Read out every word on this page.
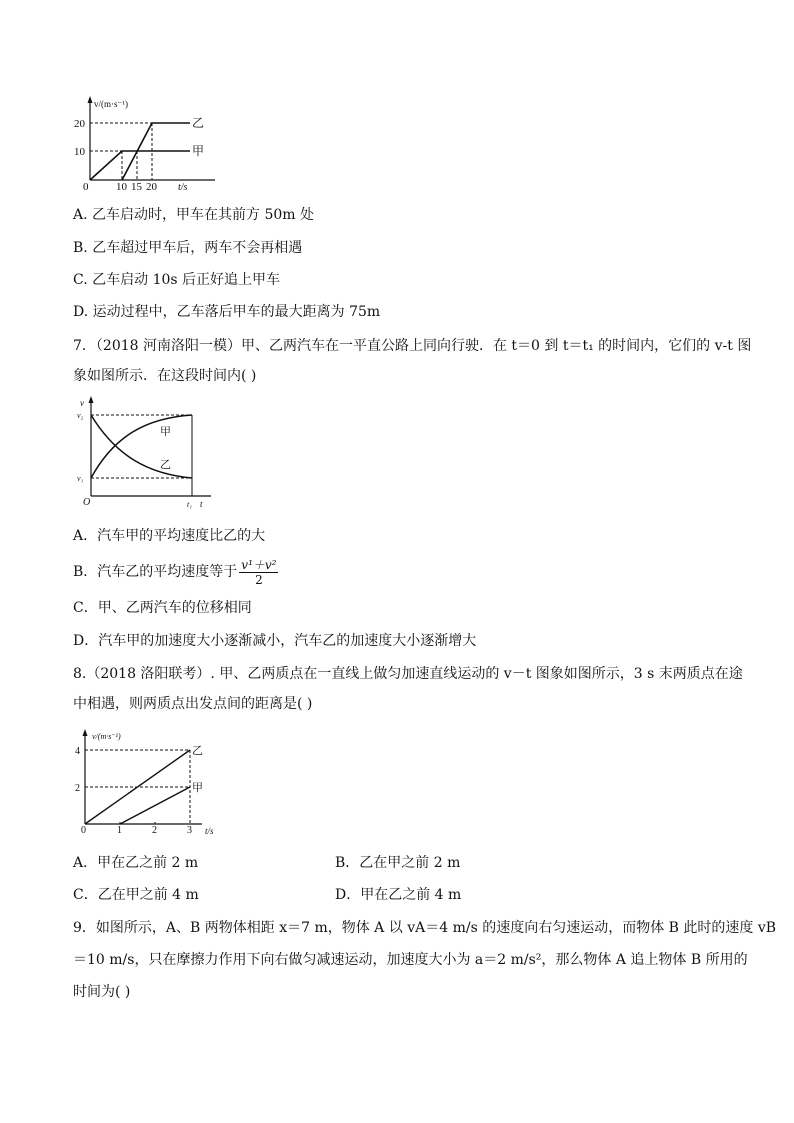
v/(m·s⁻¹)
20
10
0	10 15 20 t/s
乙
甲
A. 乙车启动时，甲车在其前方 50m 处
B. 乙车超过甲车后，两车不会再相遇
C. 乙车启动 10s 后正好追上甲车
D. 运动过程中，乙车落后甲车的最大距离为 75m
7．（2018 河南洛阳一模）甲、乙两汽车在一平直公路上同向行驶．在 t＝0 到 t＝t₁ 的时间内，它们的 v-t 图
象如图所示．在这段时间内( )
v
v₂
v₁
O	t₁ t
甲
乙
A．汽车甲的平均速度比乙的大
B．汽车乙的平均速度等于 $\frac{\text{v¹＋v²}}{2}$
C．甲、乙两汽车的位移相同
D．汽车甲的加速度大小逐渐减小，汽车乙的加速度大小逐渐增大
8.（2018 洛阳联考）. 甲、乙两质点在一直线上做匀加速直线运动的 v－t 图象如图所示，3 s 末两质点在途
中相遇，则两质点出发点间的距离是( )
v/(m·s⁻¹)
4
2
0	1	2	3 t/s
乙
甲
A．甲在乙之前 2 m	B．乙在甲之前 2 m
C．乙在甲之前 4 m	D．甲在乙之前 4 m
9．如图所示，A、B 两物体相距 x＝7 m，物体 A 以 vA＝4 m/s 的速度向右匀速运动，而物体 B 此时的速度 vB
＝10 m/s，只在摩擦力作用下向右做匀减速运动，加速度大小为 a＝2 m/s²，那么物体 A 追上物体 B 所用的
时间为( )
